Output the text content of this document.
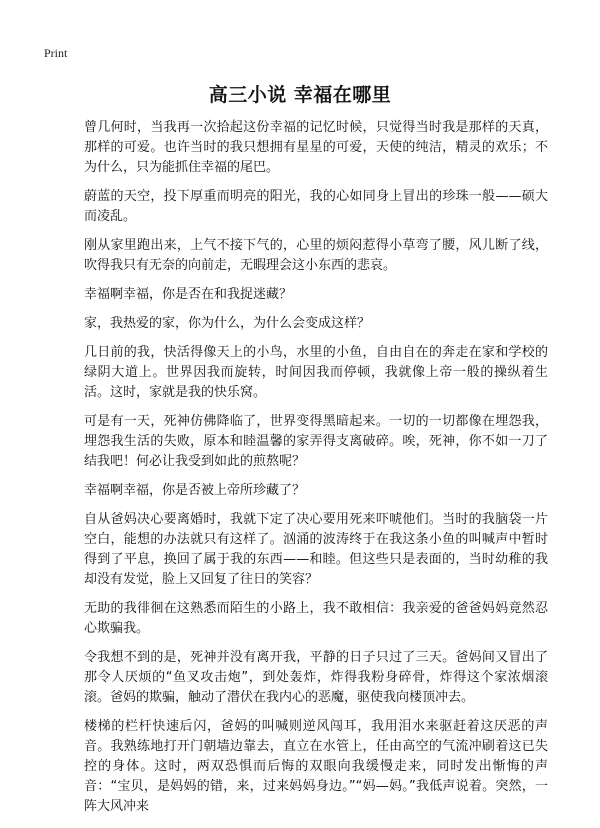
Print
高三小说 幸福在哪里

曾几何时，当我再一次拾起这份幸福的记忆时候，只觉得当时我是那样的天真，那样的可爱。也许当时的我只想拥有星星的可爱，天使的纯洁，精灵的欢乐；不为什么，只为能抓住幸福的尾巴。

蔚蓝的天空，投下厚重而明亮的阳光，我的心如同身上冒出的珍珠一般——硕大而凌乱。

刚从家里跑出来，上气不接下气的，心里的烦闷惹得小草弯了腰，风儿断了线，吹得我只有无奈的向前走，无暇理会这小东西的悲哀。

幸福啊幸福，你是否在和我捉迷藏？

家，我热爱的家，你为什么，为什么会变成这样？

几日前的我，快活得像天上的小鸟，水里的小鱼，自由自在的奔走在家和学校的绿阴大道上。世界因我而旋转，时间因我而停顿，我就像上帝一般的操纵着生活。这时，家就是我的快乐窝。

可是有一天，死神仿佛降临了，世界变得黑暗起来。一切的一切都像在埋怨我，埋怨我生活的失败，原本和睦温馨的家弄得支离破碎。唉，死神，你不如一刀了结我吧！何必让我受到如此的煎熬呢？

幸福啊幸福，你是否被上帝所珍藏了？

自从爸妈决心要离婚时，我就下定了决心要用死来吓唬他们。当时的我脑袋一片空白，能想的办法就只有这样了。汹涌的波涛终于在我这条小鱼的叫喊声中暂时得到了平息，换回了属于我的东西——和睦。但这些只是表面的，当时幼稚的我却没有发觉，脸上又回复了往日的笑容？

无助的我徘徊在这熟悉而陌生的小路上，我不敢相信：我亲爱的爸爸妈妈竟然忍心欺骗我。

令我想不到的是，死神并没有离开我，平静的日子只过了三天。爸妈间又冒出了那令人厌烦的“鱼叉攻击炮”，到处轰炸，炸得我粉身碎骨，炸得这个家浓烟滚滚。爸妈的欺骗，触动了潜伏在我内心的恶魔，驱使我向楼顶冲去。

楼梯的栏杆快速后闪，爸妈的叫喊则逆风闯耳，我用泪水来驱赶着这厌恶的声音。我熟练地打开门朝墙边靠去，直立在水管上，任由高空的气流冲刷着这已失控的身体。这时，两双恐惧而后悔的双眼向我缓慢走来，同时发出惭悔的声音：“宝贝，是妈妈的错，来，过来妈妈身边。”“妈—妈。”我低声说着。突然，一阵大风冲来
